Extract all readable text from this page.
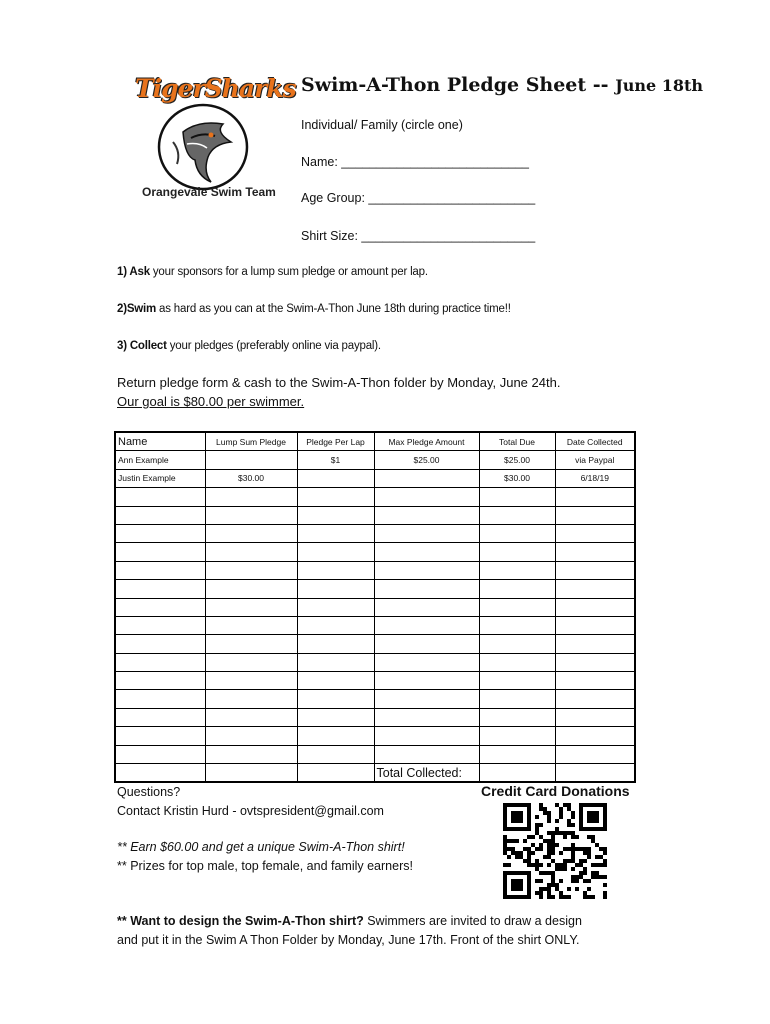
TigerSharks
Orangevale Swim Team
Swim-A-Thon Pledge Sheet -- June 18th
Individual/ Family (circle one)
Name: ___________________________
Age Group: ________________________
Shirt Size: _________________________
1) Ask your sponsors for a lump sum pledge or amount per lap.
2)Swim as hard as you can at the Swim-A-Thon June 18th during practice time!!
3) Collect your pledges (preferably online via paypal).
Return pledge form & cash to the Swim-A-Thon folder by Monday, June 24th.
Our goal is $80.00 per swimmer.
Name	Lump Sum Pledge	Pledge Per Lap	Max Pledge Amount	Total Due	Date Collected
Ann Example		$1	$25.00	$25.00	via Paypal
Justin Example	$30.00			$30.00	6/18/19

			Total Collected:		
Questions?
Contact Kristin Hurd - ovtspresident@gmail.com
** Earn $60.00 and get a unique Swim-A-Thon shirt!
** Prizes for top male, top female, and family earners!
** Want to design the Swim-A-Thon shirt? Swimmers are invited to draw a design
and put it in the Swim A Thon Folder by Monday, June 17th. Front of the shirt ONLY.
Credit Card Donations
